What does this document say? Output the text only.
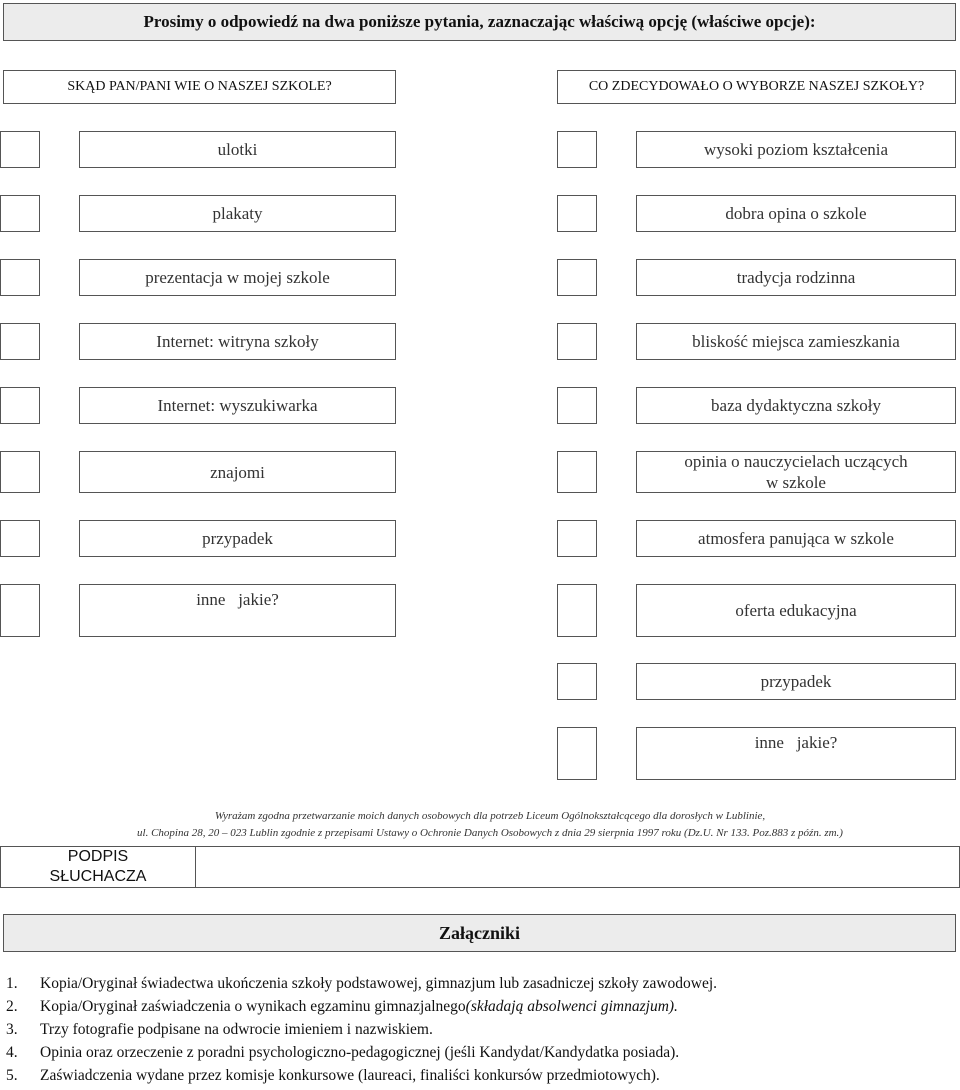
Prosimy o odpowiedź na dwa poniższe pytania, zaznaczając właściwą opcję (właściwe opcje):
SKĄD PAN/PANI WIE O NASZEJ SZKOLE?	CO ZDECYDOWAŁO O WYBORZE NASZEJ SZKOŁY?
ulotki
plakaty
prezentacja w mojej szkole
Internet: witryna szkoły
Internet: wyszukiwarka
znajomi
przypadek
inne   jakie?
wysoki poziom kształcenia
dobra opina o szkole
tradycja rodzinna
bliskość miejsca zamieszkania
baza dydaktyczna szkoły
opinia o nauczycielach uczących w szkole
atmosfera panująca w szkole
oferta edukacyjna
przypadek
inne   jakie?
Wyrażam zgodna przetwarzanie moich danych osobowych dla potrzeb Liceum Ogólnokształcącego dla dorosłych w Lublinie,
ul. Chopina 28, 20 – 023 Lublin zgodnie z przepisami Ustawy o Ochronie Danych Osobowych z dnia 29 sierpnia 1997 roku (Dz.U. Nr 133. Poz.883 z późn. zm.)
PODPIS
SŁUCHACZA
Załączniki
1.	Kopia/Oryginał świadectwa ukończenia szkoły podstawowej, gimnazjum lub zasadniczej szkoły zawodowej.
2.	Kopia/Oryginał zaświadczenia o wynikach egzaminu gimnazjalnego(składają absolwenci gimnazjum).
3.	Trzy fotografie podpisane na odwrocie imieniem i nazwiskiem.
4.	Opinia oraz orzeczenie z poradni psychologiczno-pedagogicznej (jeśli Kandydat/Kandydatka posiada).
5.	Zaświadczenia wydane przez komisje konkursowe (laureaci, finaliści konkursów przedmiotowych).
